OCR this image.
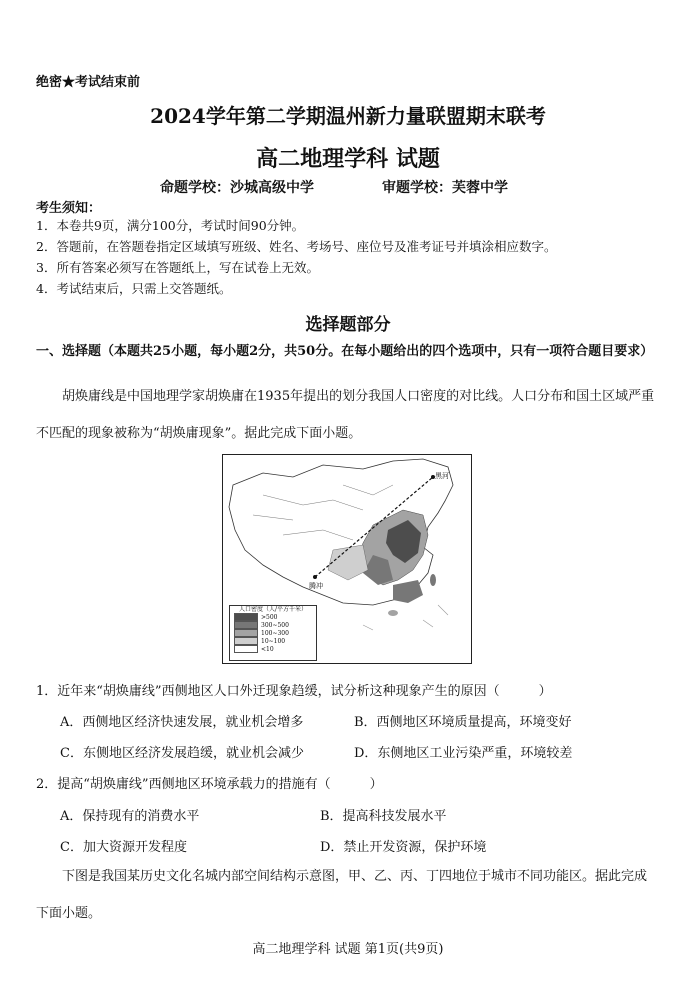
绝密★考试结束前
2024学年第二学期温州新力量联盟期末联考
高二地理学科 试题
命题学校：沙城高级中学	审题学校：芙蓉中学
考生须知：
1．本卷共9页，满分100分，考试时间90分钟。
2．答题前，在答题卷指定区域填写班级、姓名、考场号、座位号及准考证号并填涂相应数字。
3．所有答案必须写在答题纸上，写在试卷上无效。
4．考试结束后，只需上交答题纸。
选择题部分
一、选择题（本题共25小题，每小题2分，共50分。在每小题给出的四个选项中，只有一项符合题目要求）
胡焕庸线是中国地理学家胡焕庸在1935年提出的划分我国人口密度的对比线。人口分布和国土区域严重不匹配的现象被称为“胡焕庸现象”。据此完成下面小题。
黑河
腾冲
人口密度（人/平方千米）
>500
300~500
100~300
10~100
<10
1．近年来“胡焕庸线”西侧地区人口外迁现象趋缓，试分析这种现象产生的原因（　　　）
A．西侧地区经济快速发展，就业机会增多	B．西侧地区环境质量提高，环境变好
C．东侧地区经济发展趋缓，就业机会减少	D．东侧地区工业污染严重，环境较差
2．提高“胡焕庸线”西侧地区环境承载力的措施有（　　　）
A．保持现有的消费水平	B．提高科技发展水平
C．加大资源开发程度	D．禁止开发资源，保护环境
下图是我国某历史文化名城内部空间结构示意图，甲、乙、丙、丁四地位于城市不同功能区。据此完成下面小题。
高二地理学科 试题 第1页(共9页)
